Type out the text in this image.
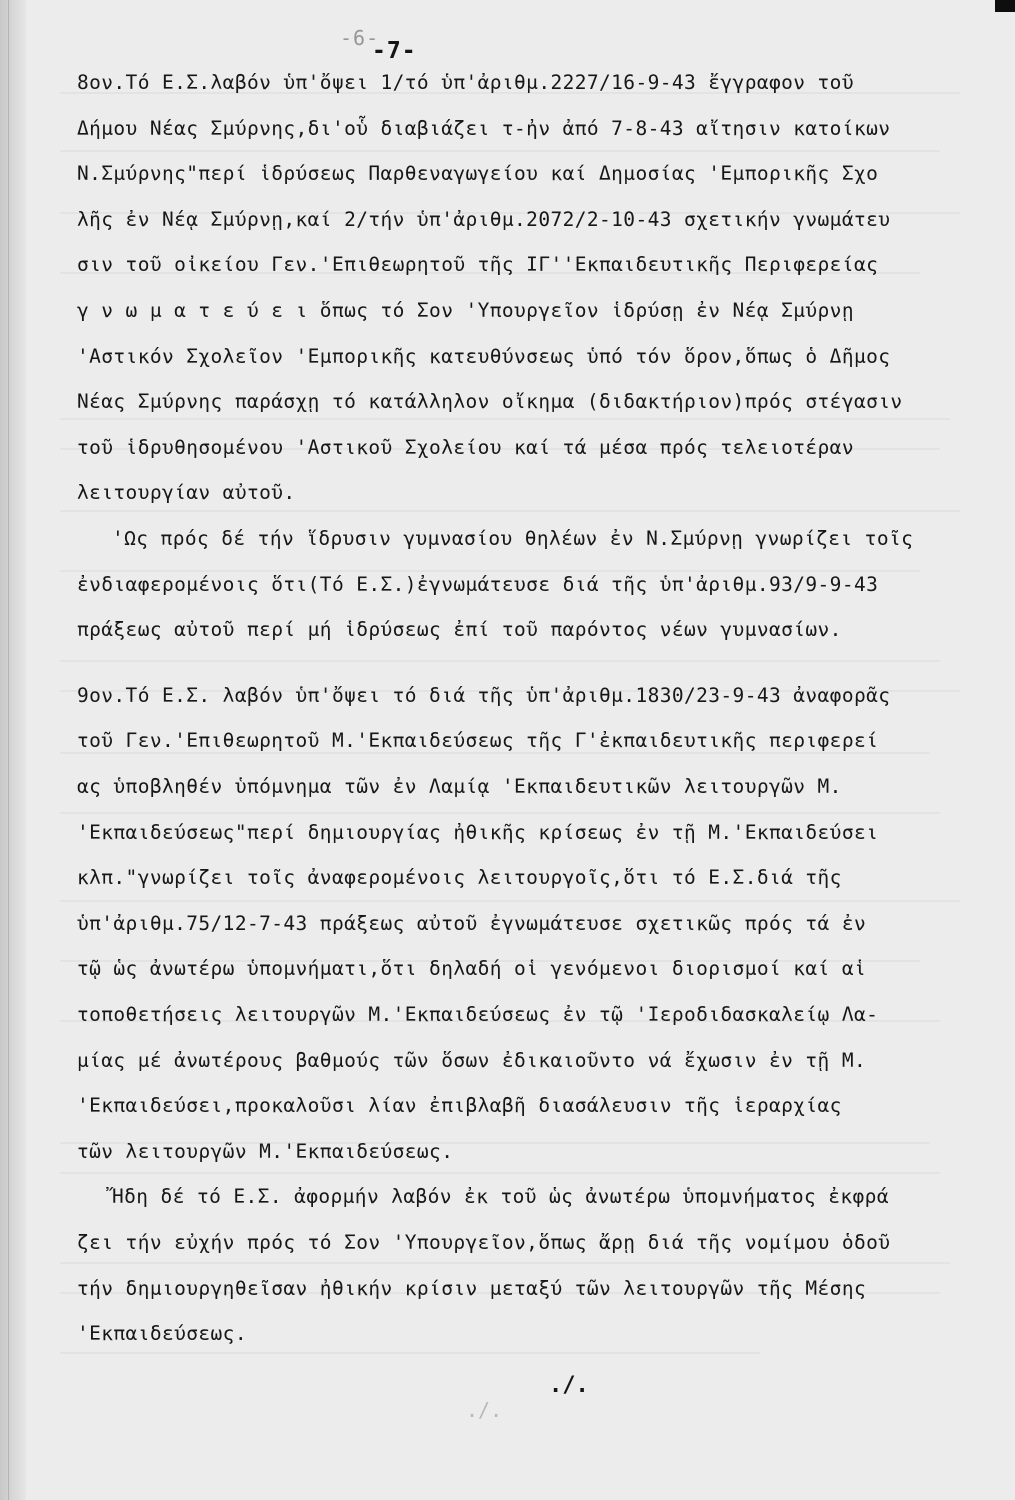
-6-
./.
-7-
8ον.Τό Ε.Σ.λαβόν ὑπ'ὄψει 1/τό ὑπ'ἀριθμ.2227/16-9-43 ἔγγραφον τοῦ
Δήμου Νέας Σμύρνης,δι'οὗ διαβιάζει τ-ἠν ἀπό 7-8-43 αἴτησιν κατοίκων
Ν.Σμύρνης"περί ἱδρύσεως Παρθεναγωγείου καί Δημοσίας 'Εμπορικῆς Σχο
λῆς ἐν Νέᾳ Σμύρνῃ,καί 2/τήν ὑπ'ἀριθμ.2072/2-10-43 σχετικήν γνωμάτευ
σιν τοῦ οἰκείου Γεν.'Επιθεωρητοῦ τῆς ΙΓ''Εκπαιδευτικῆς Περιφερείας
γ ν ω μ α τ ε ύ ε ι ὅπως τό Σον 'Υπουργεῖον ἱδρύσῃ ἐν Νέᾳ Σμύρνῃ
'Αστικόν Σχολεῖον 'Εμπορικῆς κατευθύνσεως ὑπό τόν ὅρον,ὅπως ὁ Δῆμος
Νέας Σμύρνης παράσχῃ τό κατάλληλον οἴκημα (διδακτήριον)πρός στέγασιν
τοῦ ἱδρυθησομένου 'Αστικοῦ Σχολείου καί τά μέσα πρός τελειοτέραν
λειτουργίαν αὐτοῦ.
'Ως πρός δέ τήν ἵδρυσιν γυμνασίου θηλέων ἐν Ν.Σμύρνῃ γνωρίζει τοῖς
ἐνδιαφερομένοις ὅτι(Τό Ε.Σ.)ἐγνωμάτευσε διά τῆς ὑπ'ἀριθμ.93/9-9-43
πράξεως αὐτοῦ περί μή ἱδρύσεως ἐπί τοῦ παρόντος νέων γυμνασίων.
9ον.Τό Ε.Σ. λαβόν ὑπ'ὄψει τό διά τῆς ὑπ'ἀριθμ.1830/23-9-43 ἀναφορᾶς
τοῦ Γεν.'Επιθεωρητοῦ Μ.'Εκπαιδεύσεως τῆς Γ'ἐκπαιδευτικῆς περιφερεί
ας ὑποβληθέν ὑπόμνημα τῶν ἐν Λαμίᾳ 'Εκπαιδευτικῶν λειτουργῶν Μ.
'Εκπαιδεύσεως"περί δημιουργίας ἠθικῆς κρίσεως ἐν τῇ Μ.'Εκπαιδεύσει
κλπ."γνωρίζει τοῖς ἀναφερομένοις λειτουργοῖς,ὅτι τό Ε.Σ.διά τῆς
ὑπ'ἀριθμ.75/12-7-43 πράξεως αὐτοῦ ἐγνωμάτευσε σχετικῶς πρός τά ἐν
τῷ ὡς ἀνωτέρω ὑπομνήματι,ὅτι δηλαδή οἱ γενόμενοι διορισμοί καί αἱ
τοποθετήσεις λειτουργῶν Μ.'Εκπαιδεύσεως ἐν τῷ 'Ιεροδιδασκαλείῳ Λα-
μίας μέ ἀνωτέρους βαθμούς τῶν ὅσων ἐδικαιοῦντο νά ἔχωσιν ἐν τῇ Μ.
'Εκπαιδεύσει,προκαλοῦσι λίαν ἐπιβλαβῆ διασάλευσιν τῆς ἱεραρχίας
τῶν λειτουργῶν Μ.'Εκπαιδεύσεως.
Ἤδη δέ τό Ε.Σ. ἀφορμήν λαβόν ἐκ τοῦ ὡς ἀνωτέρω ὑπομνήματος ἐκφρά
ζει τήν εὐχήν πρός τό Σον 'Υπουργεῖον,ὅπως ἄρῃ διά τῆς νομίμου ὁδοῦ
τήν δημιουργηθεῖσαν ἠθικήν κρίσιν μεταξύ τῶν λειτουργῶν τῆς Μέσης
'Εκπαιδεύσεως.
./.
